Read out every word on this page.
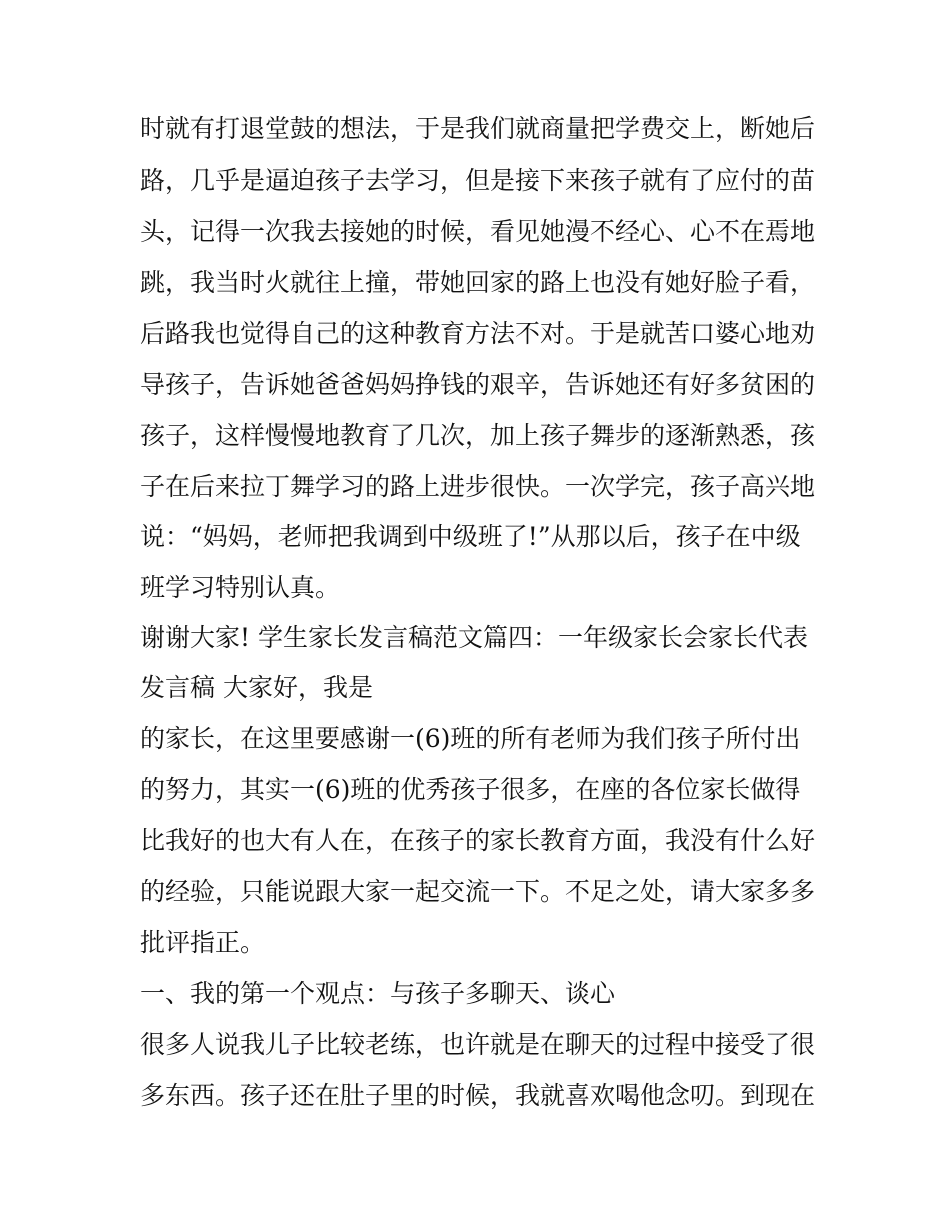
时就有打退堂鼓的想法，于是我们就商量把学费交上，断她后

路，几乎是逼迫孩子去学习，但是接下来孩子就有了应付的苗

头，记得一次我去接她的时候，看见她漫不经心、心不在焉地

跳，我当时火就往上撞，带她回家的路上也没有她好脸子看，

后路我也觉得自己的这种教育方法不对。于是就苦口婆心地劝

导孩子，告诉她爸爸妈妈挣钱的艰辛，告诉她还有好多贫困的

孩子，这样慢慢地教育了几次，加上孩子舞步的逐渐熟悉，孩

子在后来拉丁舞学习的路上进步很快。一次学完，孩子高兴地

说：“妈妈，老师把我调到中级班了!”从那以后，孩子在中级

班学习特别认真。

谢谢大家! 学生家长发言稿范文篇四：一年级家长会家长代表

发言稿 大家好，我是

的家长，在这里要感谢一(6)班的所有老师为我们孩子所付出

的努力，其实一(6)班的优秀孩子很多，在座的各位家长做得

比我好的也大有人在，在孩子的家长教育方面，我没有什么好

的经验，只能说跟大家一起交流一下。不足之处，请大家多多

批评指正。

一、我的第一个观点：与孩子多聊天、谈心

很多人说我儿子比较老练，也许就是在聊天的过程中接受了很

多东西。孩子还在肚子里的时候，我就喜欢喝他念叨。到现在
